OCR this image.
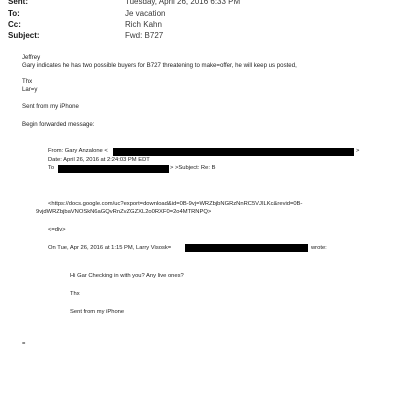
Sent:	Tuesday, April 26, 2016 6:33 PM
To:	Je vacation
Cc:	Rich Kahn
Subject:	Fwd: B727
Jeffrey
Gary indicates he has two possible buyers for B727 threatening to make=offer, he will keep us posted,
Thx
Lar=y
Sent from my iPhone
Begin forwarded message:
From: Gary Anzalone <	>
Date: April 26, 2016 at 2:24:03 PM EDT
To	> >Subject: Re: B
<https://docs.google.com/uc?export=download&id=0B-9vj=WRZbjbNGRzNnRC5VJILKc&revid=0B-
9vjdWRZbjbaVNOSkN6aGQvRnZvZGZXL2o0RXF0=2o4MTRNPQ>
<=div>
On Tue, Apr 26, 2016 at 1:15 PM, Larry Visosk=	wrote:
Hi Gar Checking in with you? Any live ones?
Thx
Sent from my iPhone
=
